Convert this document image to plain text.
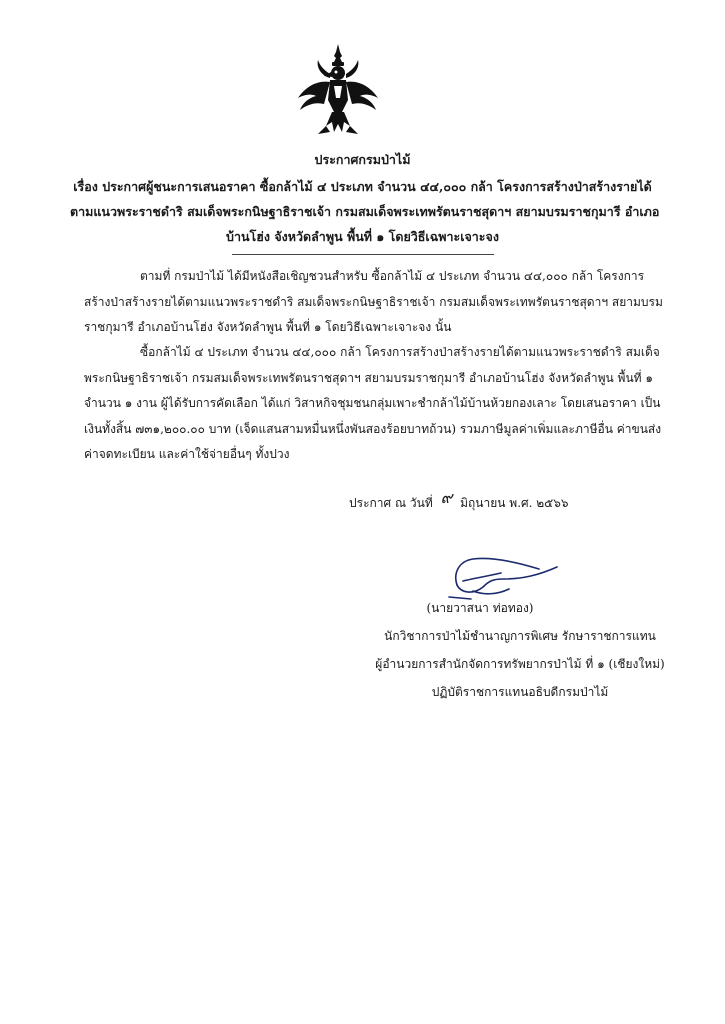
ประกาศกรมป่าไม้
เรื่อง ประกาศผู้ชนะการเสนอราคา ซื้อกล้าไม้ ๔ ประเภท จำนวน ๔๔,๐๐๐ กล้า โครงการสร้างป่าสร้างรายได้
ตามแนวพระราชดำริ สมเด็จพระกนิษฐาธิราชเจ้า กรมสมเด็จพระเทพรัตนราชสุดาฯ สยามบรมราชกุมารี อำเภอ
บ้านโฮ่ง จังหวัดลำพูน พื้นที่ ๑ โดยวิธีเฉพาะเจาะจง
ตามที่ กรมป่าไม้ ได้มีหนังสือเชิญชวนสำหรับ ซื้อกล้าไม้ ๔ ประเภท จำนวน ๔๔,๐๐๐ กล้า โครงการ
สร้างป่าสร้างรายได้ตามแนวพระราชดำริ สมเด็จพระกนิษฐาธิราชเจ้า กรมสมเด็จพระเทพรัตนราชสุดาฯ สยามบรม
ราชกุมารี อำเภอบ้านโฮ่ง จังหวัดลำพูน พื้นที่ ๑ โดยวิธีเฉพาะเจาะจง นั้น
ซื้อกล้าไม้ ๔ ประเภท จำนวน ๔๔,๐๐๐ กล้า โครงการสร้างป่าสร้างรายได้ตามแนวพระราชดำริ สมเด็จ
พระกนิษฐาธิราชเจ้า กรมสมเด็จพระเทพรัตนราชสุดาฯ สยามบรมราชกุมารี อำเภอบ้านโฮ่ง จังหวัดลำพูน พื้นที่ ๑
จำนวน ๑ งาน ผู้ได้รับการคัดเลือก ได้แก่ วิสาหกิจชุมชนกลุ่มเพาะชำกล้าไม้บ้านห้วยกองเลาะ โดยเสนอราคา เป็น
เงินทั้งสิ้น ๗๓๑,๒๐๐.๐๐ บาท (เจ็ดแสนสามหมื่นหนึ่งพันสองร้อยบาทถ้วน) รวมภาษีมูลค่าเพิ่มและภาษีอื่น ค่าขนส่ง
ค่าจดทะเบียน และค่าใช้จ่ายอื่นๆ ทั้งปวง
ประกาศ ณ วันที่ ๙ มิถุนายน พ.ศ. ๒๕๖๖
(นายวาสนา ท่อทอง)
นักวิชาการป่าไม้ชำนาญการพิเศษ รักษาราชการแทน
ผู้อำนวยการสำนักจัดการทรัพยากรป่าไม้ ที่ ๑ (เชียงใหม่)
ปฏิบัติราชการแทนอธิบดีกรมป่าไม้
